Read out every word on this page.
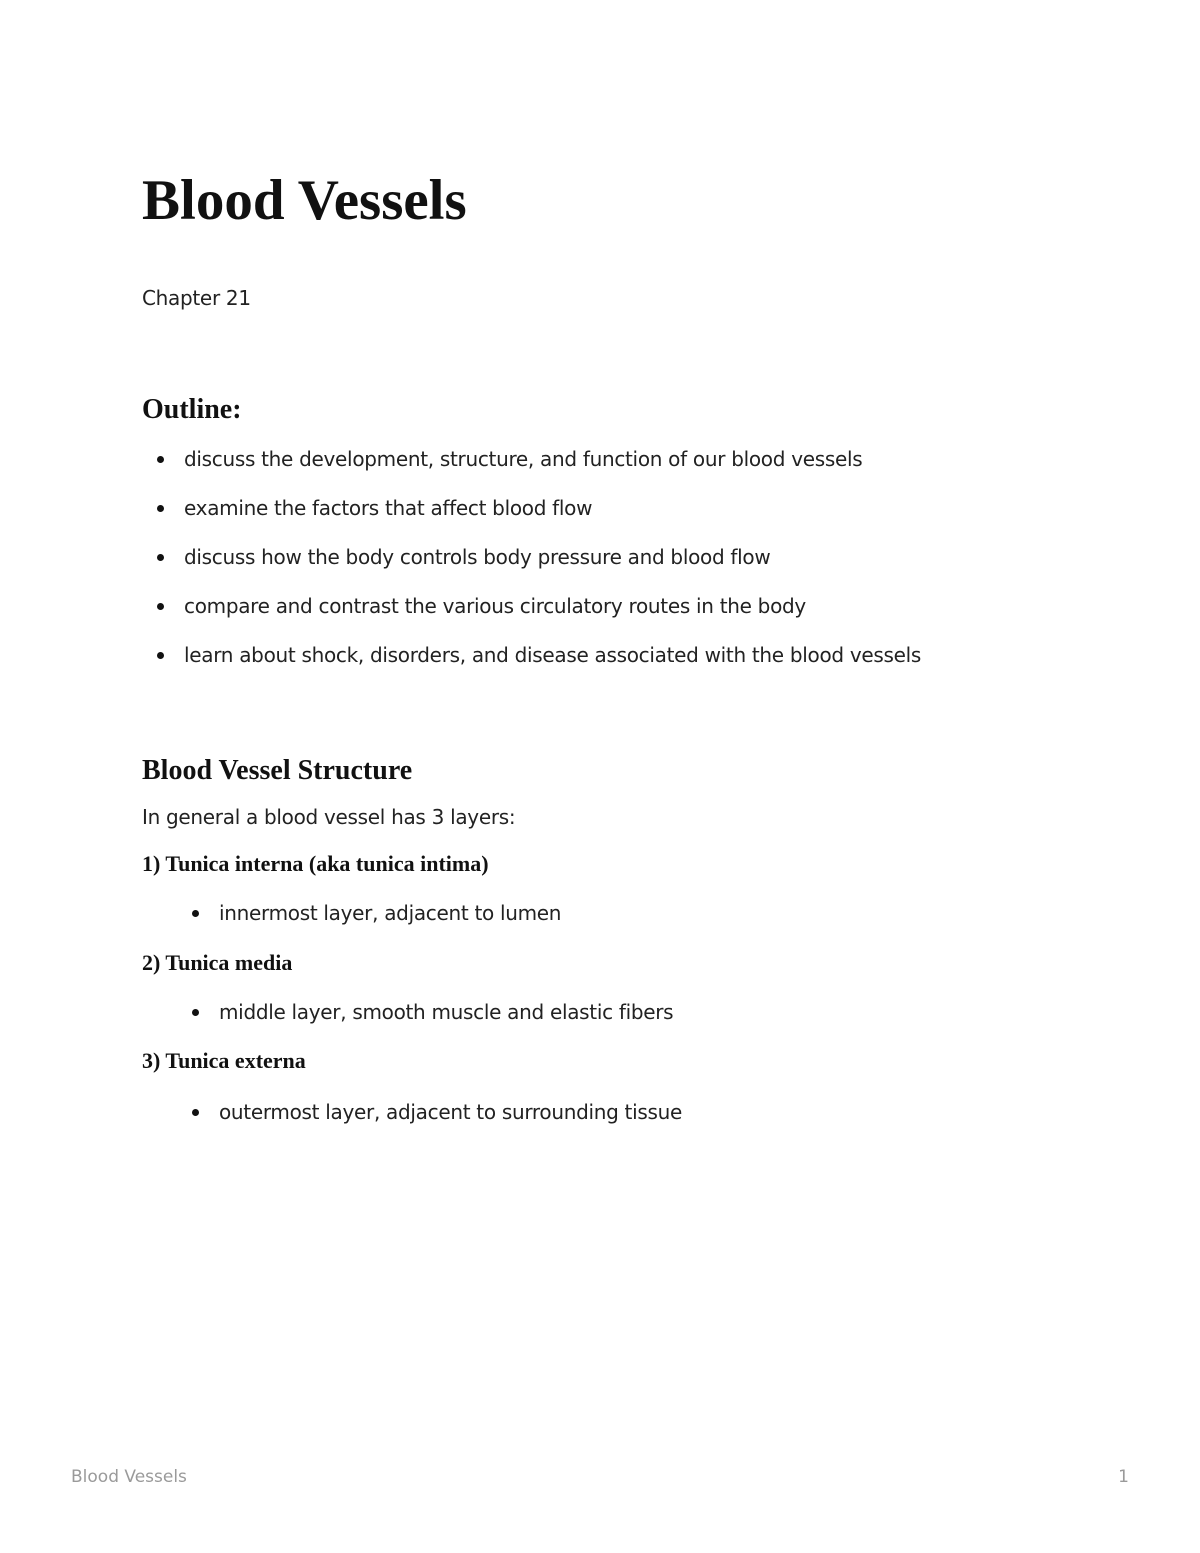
Blood Vessels

Chapter 21

Outline:
discuss the development, structure, and function of our blood vessels
examine the factors that affect blood flow
discuss how the body controls body pressure and blood flow
compare and contrast the various circulatory routes in the body
learn about shock, disorders, and disease associated with the blood vessels
Blood Vessel Structure

In general a blood vessel has 3 layers:

1) Tunica interna (aka tunica intima)
innermost layer, adjacent to lumen
2) Tunica media
middle layer, smooth muscle and elastic fibers
3) Tunica externa
outermost layer, adjacent to surrounding tissue
Blood Vessels	1
